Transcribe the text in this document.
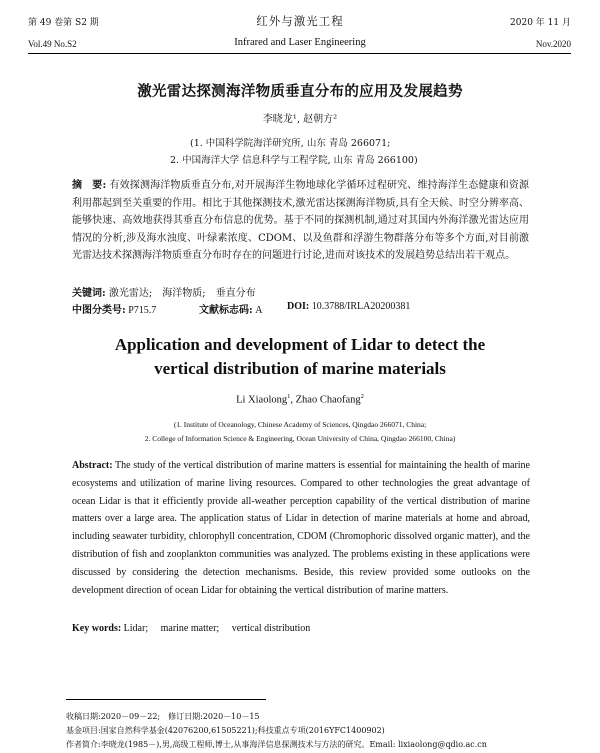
第 49 卷第 S2 期
Vol.49 No.S2
红外与激光工程
Infrared and Laser Engineering
2020 年 11 月
Nov.2020
激光雷达探测海洋物质垂直分布的应用及发展趋势
李晓龙¹, 赵朝方²
(1. 中国科学院海洋研究所, 山东 青岛 266071;
2. 中国海洋大学 信息科学与工程学院, 山东 青岛 266100)
摘　要: 有效探测海洋物质垂直分布,对开展海洋生物地球化学循环过程研究、维持海洋生态健康和资源利用都起到至关重要的作用。相比于其他探测技术,激光雷达探测海洋物质,具有全天候、时空分辨率高、能够快速、高效地获得其垂直分布信息的优势。基于不同的探测机制,通过对其国内外海洋激光雷达应用情况的分析,涉及海水浊度、叶绿素浓度、CDOM、以及鱼群和浮游生物群落分布等多个方面,对目前激光雷达技术探测海洋物质垂直分布时存在的问题进行讨论,进而对该技术的发展趋势总结出若干观点。
关键词: 激光雷达;　海洋物质;　垂直分布
中图分类号: P715.7	文献标志码: A DOI: 10.3788/IRLA20200381
Application and development of Lidar to detect the vertical distribution of marine materials
Li Xiaolong$^1$, Zhao Chaofang$^2$
(1. Institute of Oceanology, Chinese Academy of Sciences, Qingdao 266071, China;
2. College of Information Science & Engineering, Ocean University of China, Qingdao 266100, China)
Abstract: The study of the vertical distribution of marine matters is essential for maintaining the health of marine ecosystems and utilization of marine living resources. Compared to other technologies the great advantage of ocean Lidar is that it efficiently provide all-weather perception capability of the vertical distribution of marine matters over a large area. The application status of Lidar in detection of marine materials at home and abroad, including seawater turbidity, chlorophyll concentration, CDOM (Chromophoric dissolved organic matter), and the distribution of fish and zooplankton communities was analyzed. The problems existing in these applications were discussed by considering the detection mechanisms. Beside, this review provided some outlooks on the development direction of ocean Lidar for obtaining the vertical distribution of marine matters.
Key words: Lidar;　 marine matter;　 vertical distribution
收稿日期:2020－09－22;　修订日期:2020－10－15
基金项目:国家自然科学基金(42076200,61505221);科技重点专项(2016YFC1400902)
作者简介:李晓龙(1985－),男,高级工程师,博士,从事海洋信息探测技术与方法的研究。Email: lixiaolong@qdio.ac.cn
